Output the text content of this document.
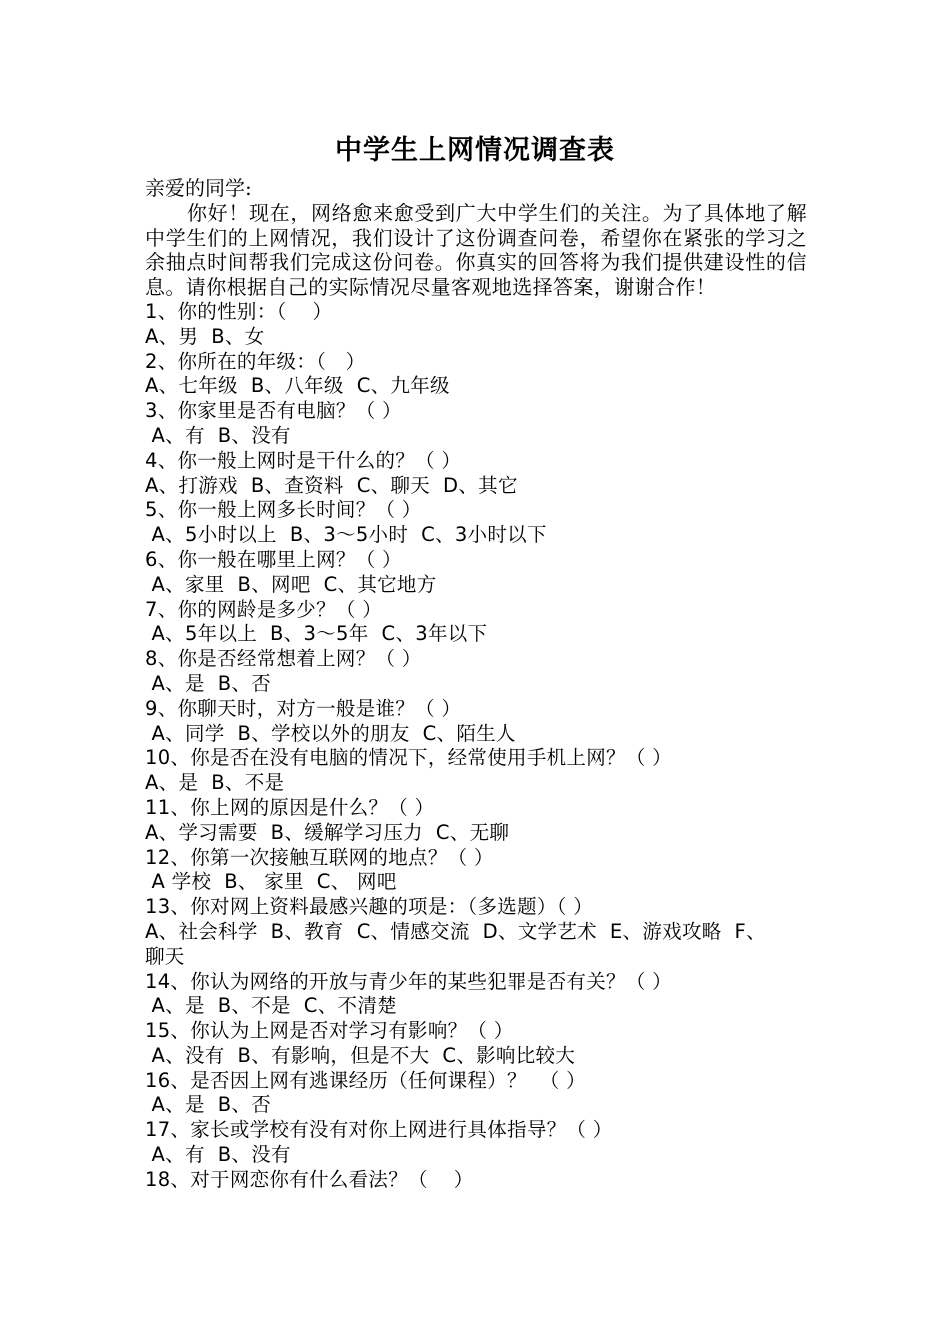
中学生上网情况调查表

亲爱的同学:

你好！现在，网络愈来愈受到广大中学生们的关注。为了具体地了解中学生们的上网情况，我们设计了这份调查问卷，希望你在紧张的学习之余抽点时间帮我们完成这份问卷。你真实的回答将为我们提供建设性的信息。请你根据自己的实际情况尽量客观地选择答案，谢谢合作！

1、你的性别：（    ）
A、男  B、女
2、你所在的年级：（   ）
A、七年级  B、八年级  C、九年级
3、你家里是否有电脑？（ ）
A、有  B、没有
4、你一般上网时是干什么的？（ ）
A、打游戏  B、查资料  C、聊天  D、其它
5、你一般上网多长时间？（ ）
A、5小时以上  B、3～5小时  C、3小时以下
6、你一般在哪里上网？（ ）
A、家里  B、网吧  C、其它地方
7、你的网龄是多少？（ ）
A、5年以上  B、3～5年  C、3年以下
8、你是否经常想着上网？（ ）
A、是  B、否
9、你聊天时，对方一般是谁？（ ）
A、同学  B、学校以外的朋友  C、陌生人
10、你是否在没有电脑的情况下，经常使用手机上网？（ ）
A、是  B、不是
11、你上网的原因是什么？（ ）
A、学习需要  B、缓解学习压力  C、无聊
12、你第一次接触互联网的地点？（ ）
A 学校  B、 家里  C、 网吧
13、你对网上资料最感兴趣的项是：（多选题）（ ）
A、社会科学  B、教育  C、情感交流  D、文学艺术  E、游戏攻略  F、
聊天
14、你认为网络的开放与青少年的某些犯罪是否有关？（ ）
A、是  B、不是  C、不清楚
15、你认为上网是否对学习有影响？（ ）
A、没有  B、有影响，但是不大  C、影响比较大
16、是否因上网有逃课经历（任何课程）？  （ ）
A、是  B、否
17、家长或学校有没有对你上网进行具体指导？（ ）
A、有  B、没有
18、对于网恋你有什么看法？（    ）
